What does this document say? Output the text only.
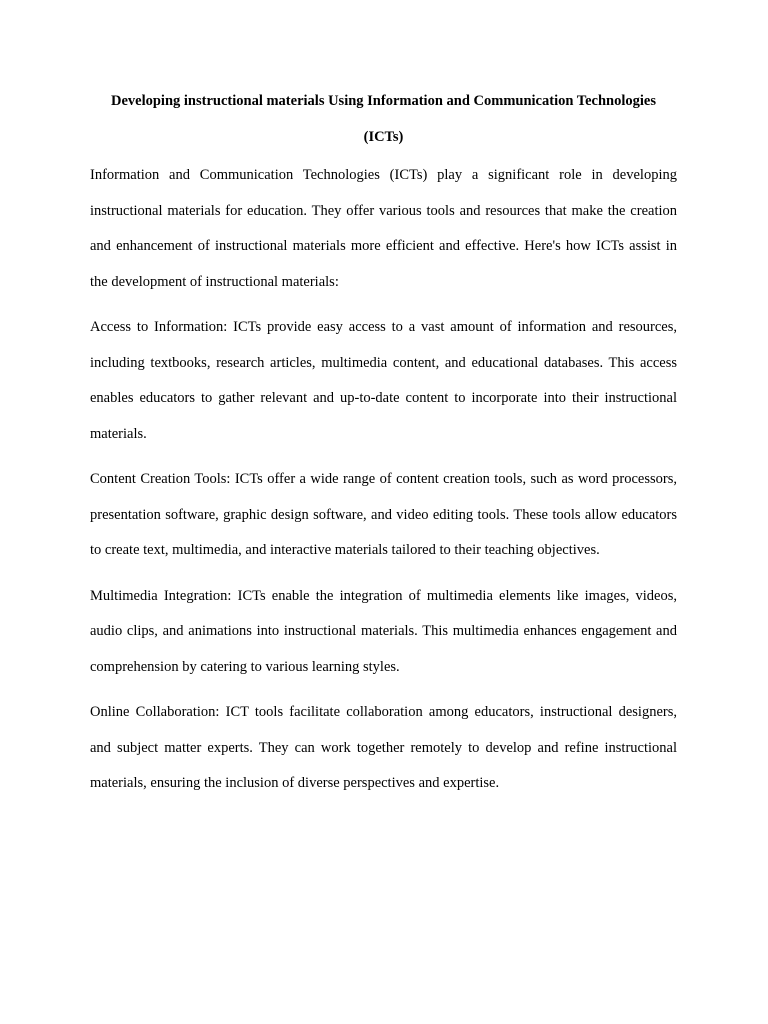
Developing instructional materials Using Information and Communication Technologies (ICTs)

Information and Communication Technologies (ICTs) play a significant role in developing instructional materials for education. They offer various tools and resources that make the creation and enhancement of instructional materials more efficient and effective. Here's how ICTs assist in the development of instructional materials:

Access to Information: ICTs provide easy access to a vast amount of information and resources, including textbooks, research articles, multimedia content, and educational databases. This access enables educators to gather relevant and up-to-date content to incorporate into their instructional materials.

Content Creation Tools: ICTs offer a wide range of content creation tools, such as word processors, presentation software, graphic design software, and video editing tools. These tools allow educators to create text, multimedia, and interactive materials tailored to their teaching objectives.

Multimedia Integration: ICTs enable the integration of multimedia elements like images, videos, audio clips, and animations into instructional materials. This multimedia enhances engagement and comprehension by catering to various learning styles.

Online Collaboration: ICT tools facilitate collaboration among educators, instructional designers, and subject matter experts. They can work together remotely to develop and refine instructional materials, ensuring the inclusion of diverse perspectives and expertise.
